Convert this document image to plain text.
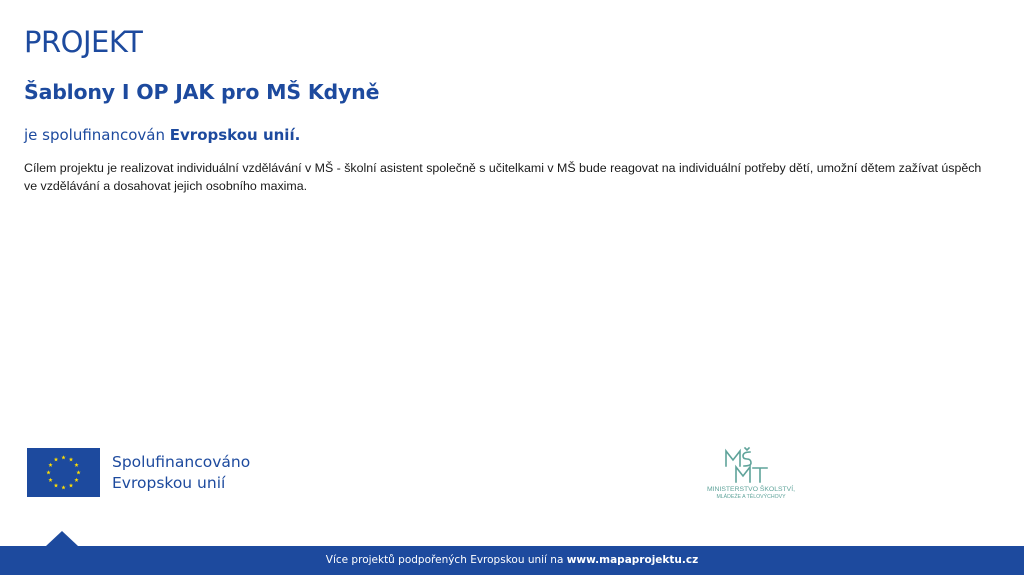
PROJEKT
Šablony I OP JAK pro MŠ Kdyně

je spolufinancován Evropskou unií.

Cílem projektu je realizovat individuální vzdělávání v MŠ - školní asistent společně s učitelkami v MŠ bude reagovat na individuální potřeby dětí, umožní dětem zažívat úspěch ve vzdělávání a dosahovat jejich osobního maxima.

Spolufinancováno
Evropskou unií	MINISTERSTVO ŠKOLSTVÍ,
MLÁDEŽE A TĚLOVÝCHOVY
Více projektů podpořených Evropskou unií na www.mapaprojektu.cz
